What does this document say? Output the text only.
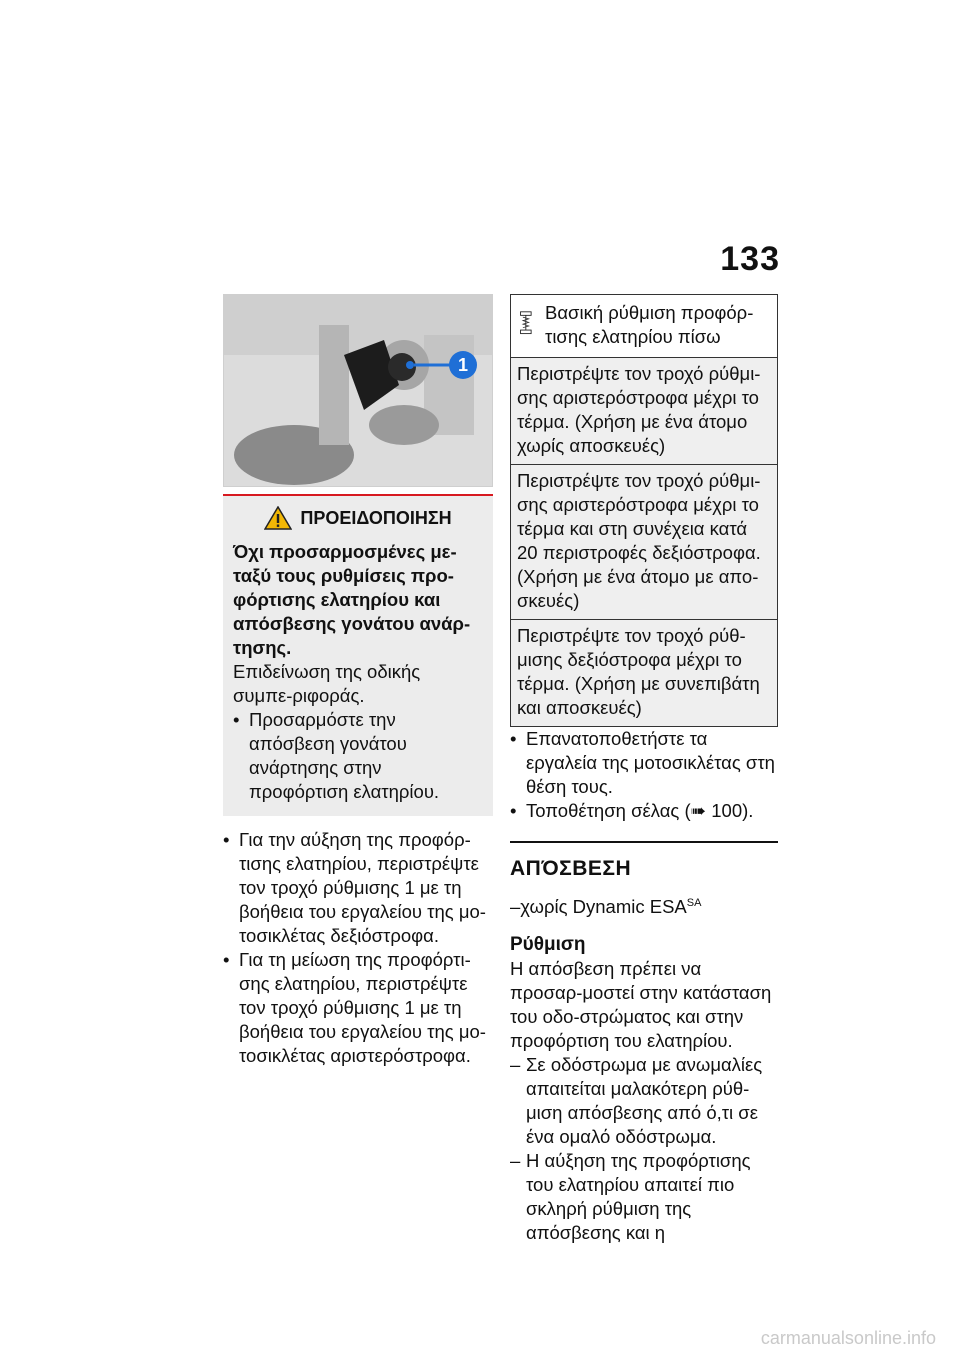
133
1
ΠΡΟΕΙΔΟΠΟΙΗΣΗ
Όχι προσαρμοσμένες με-ταξύ τους ρυθμίσεις προ-φόρτισης ελατηρίου και απόσβεσης γονάτου ανάρ-τησης.
Επιδείνωση της οδικής συμπε-ριφοράς.
• Προσαρμόστε την απόσβεση γονάτου ανάρτησης στην προφόρτιση ελατηρίου.
• Για την αύξηση της προφόρ-τισης ελατηρίου, περιστρέψτε τον τροχό ρύθμισης 1 με τη βοήθεια του εργαλείου της μο-τοσικλέτας δεξιόστροφα.
• Για τη μείωση της προφόρτι-σης ελατηρίου, περιστρέψτε τον τροχό ρύθμισης 1 με τη βοήθεια του εργαλείου της μο-τοσικλέτας αριστερόστροφα.
Βασική ρύθμιση προφόρ-τισης ελατηρίου πίσω
Περιστρέψτε τον τροχό ρύθμι-σης αριστερόστροφα μέχρι το τέρμα. (Χρήση με ένα άτομο χωρίς αποσκευές)
Περιστρέψτε τον τροχό ρύθμι-σης αριστερόστροφα μέχρι το τέρμα και στη συνέχεια κατά 20 περιστροφές δεξιόστροφα. (Χρήση με ένα άτομο με απο-σκευές)
Περιστρέψτε τον τροχό ρύθ-μισης δεξιόστροφα μέχρι το τέρμα. (Χρήση με συνεπιβάτη και αποσκευές)
• Επανατοποθετήστε τα εργαλεία της μοτοσικλέτας στη θέση τους.
• Τοποθέτηση σέλας (➠ 100).
ΑΠΌΣΒΕΣΗ
–χωρίς Dynamic $ESA^{SA}$
Ρύθμιση
Η απόσβεση πρέπει να προσαρ-μοστεί στην κατάσταση του οδο-στρώματος και στην προφόρτιση του ελατηρίου.
– Σε οδόστρωμα με ανωμαλίες απαιτείται μαλακότερη ρύθ-μιση απόσβεσης από ό,τι σε ένα ομαλό οδόστρωμα.
– Η αύξηση της προφόρτισης του ελατηρίου απαιτεί πιο σκληρή ρύθμιση της απόσβεσης και η
carmanualsonline.info
